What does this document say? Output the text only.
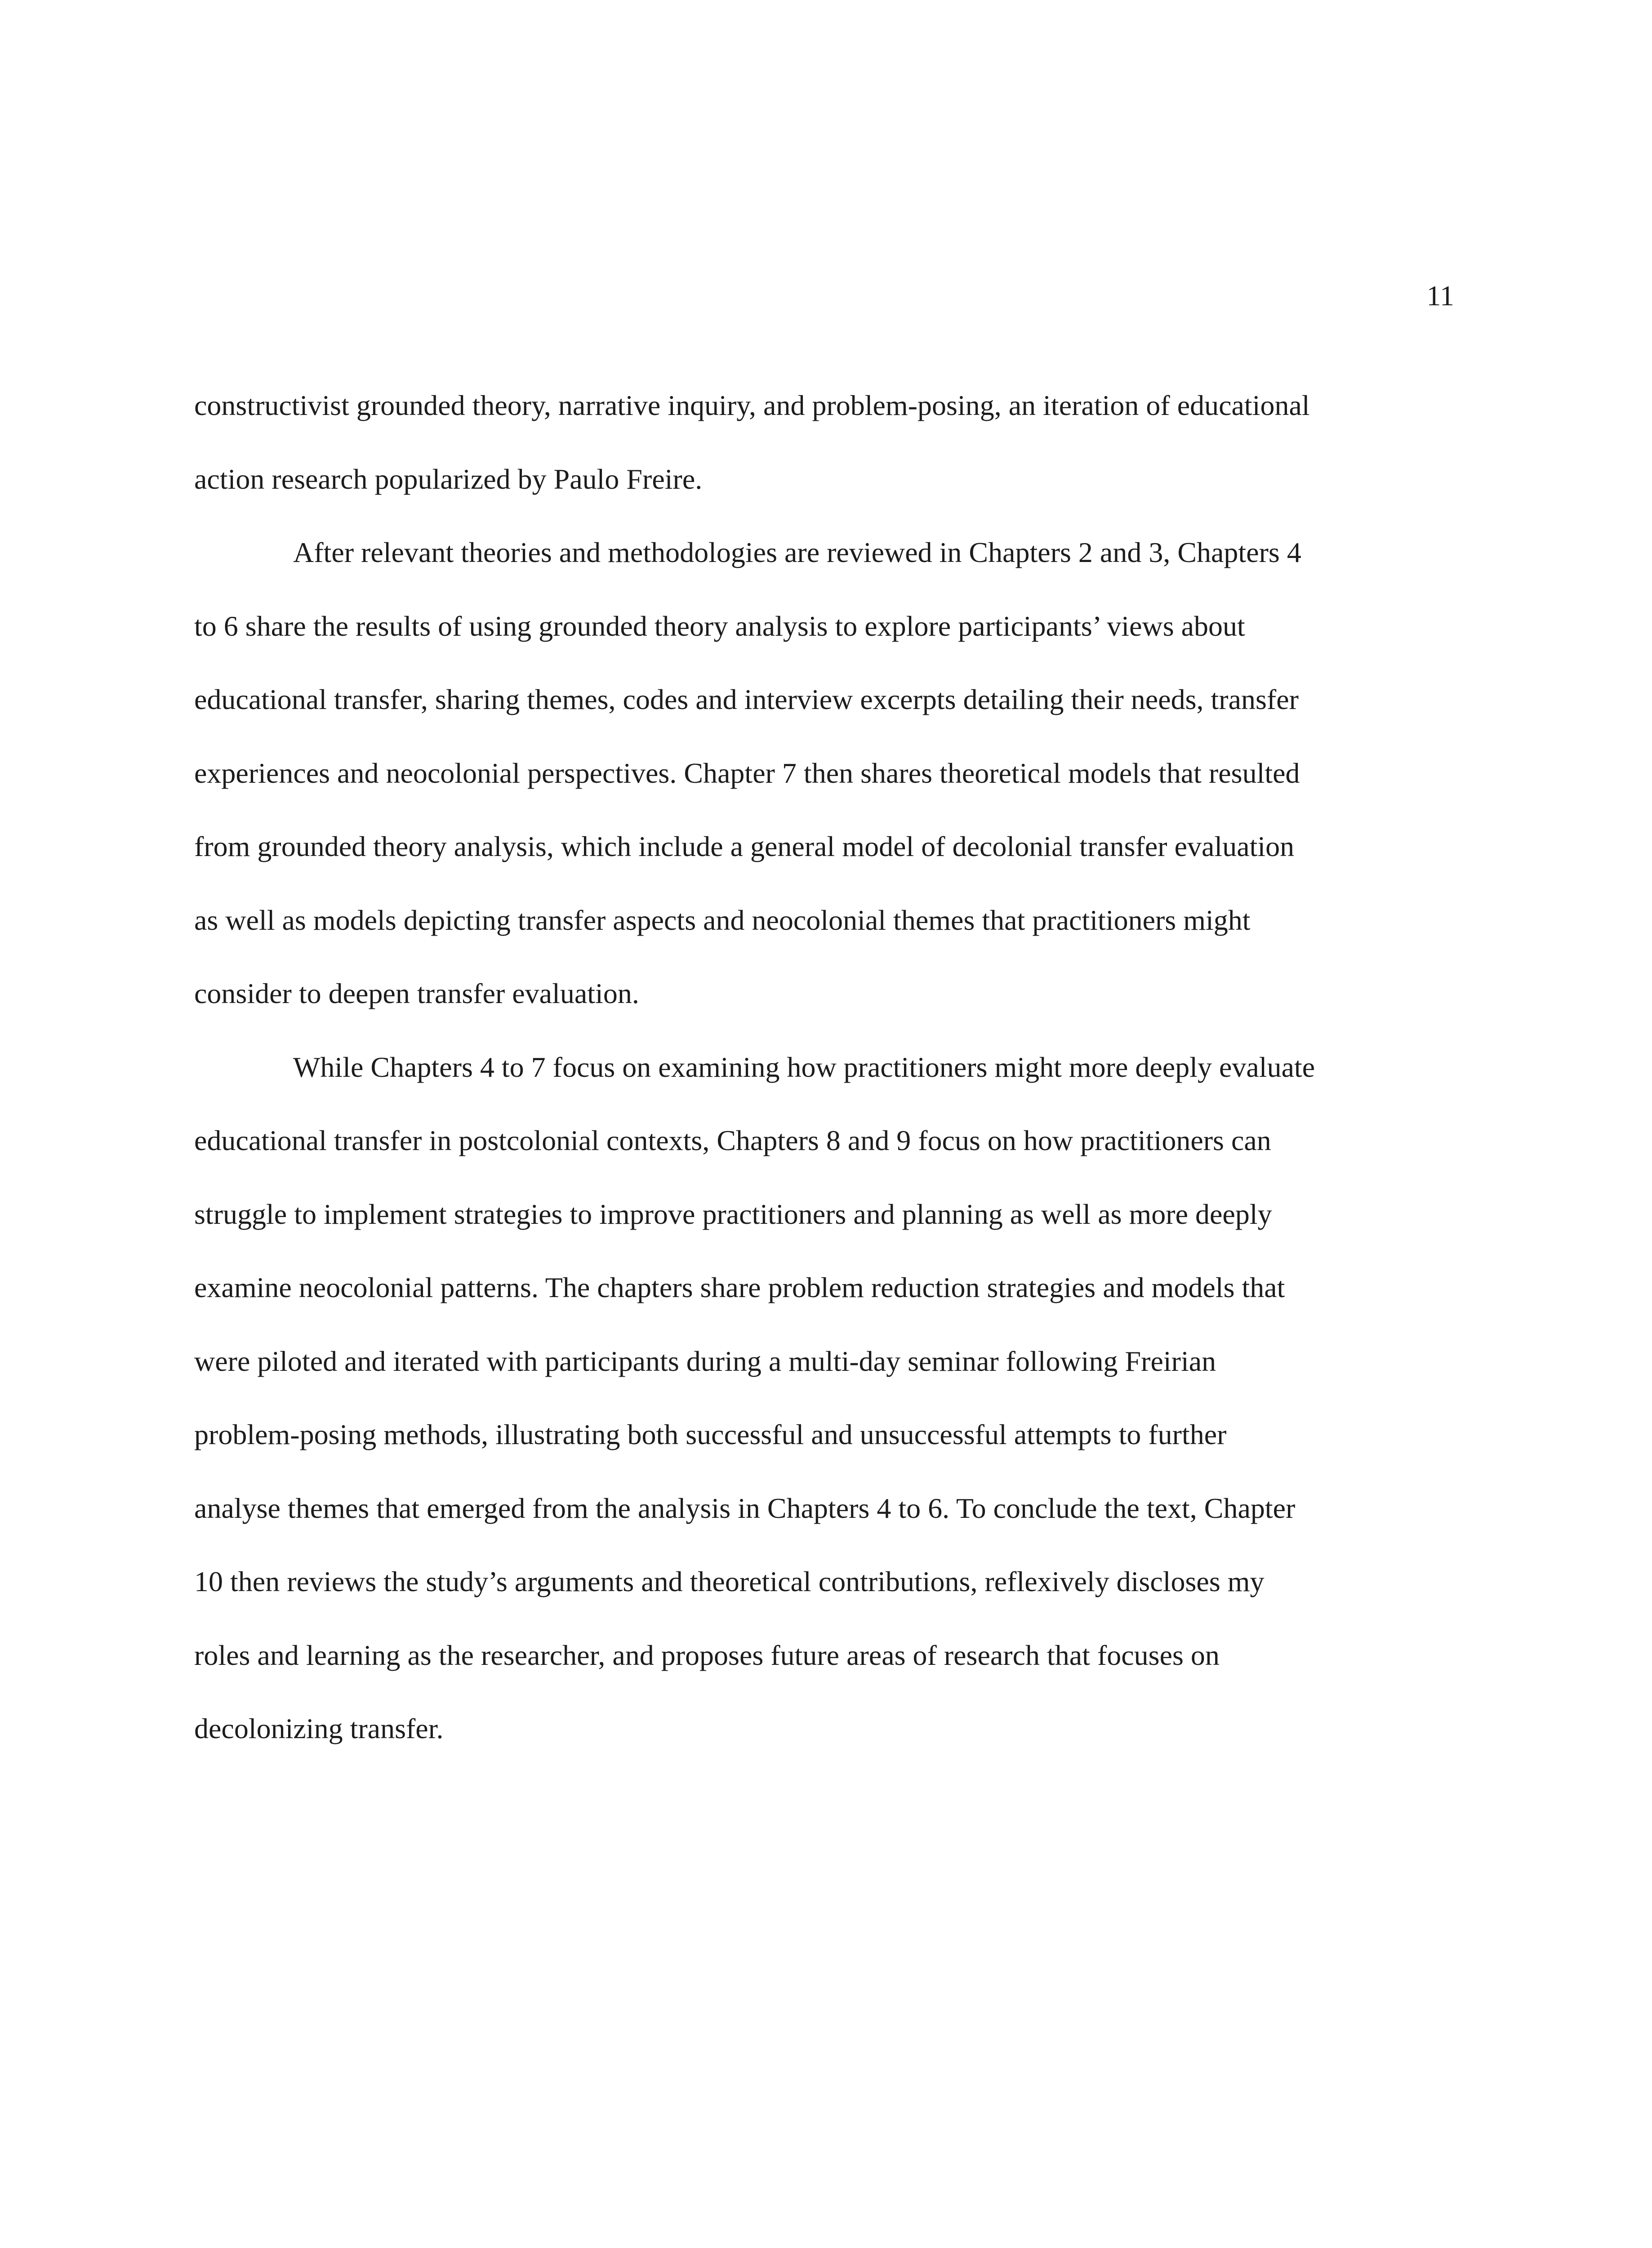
11

constructivist grounded theory, narrative inquiry, and problem-posing, an iteration of educational
action research popularized by Paulo Freire.

After relevant theories and methodologies are reviewed in Chapters 2 and 3, Chapters 4
to 6 share the results of using grounded theory analysis to explore participants’ views about
educational transfer, sharing themes, codes and interview excerpts detailing their needs, transfer
experiences and neocolonial perspectives. Chapter 7 then shares theoretical models that resulted
from grounded theory analysis, which include a general model of decolonial transfer evaluation
as well as models depicting transfer aspects and neocolonial themes that practitioners might
consider to deepen transfer evaluation.

While Chapters 4 to 7 focus on examining how practitioners might more deeply evaluate
educational transfer in postcolonial contexts, Chapters 8 and 9 focus on how practitioners can
struggle to implement strategies to improve practitioners and planning as well as more deeply
examine neocolonial patterns. The chapters share problem reduction strategies and models that
were piloted and iterated with participants during a multi-day seminar following Freirian
problem-posing methods, illustrating both successful and unsuccessful attempts to further
analyse themes that emerged from the analysis in Chapters 4 to 6. To conclude the text, Chapter
10 then reviews the study’s arguments and theoretical contributions, reflexively discloses my
roles and learning as the researcher, and proposes future areas of research that focuses on
decolonizing transfer.
